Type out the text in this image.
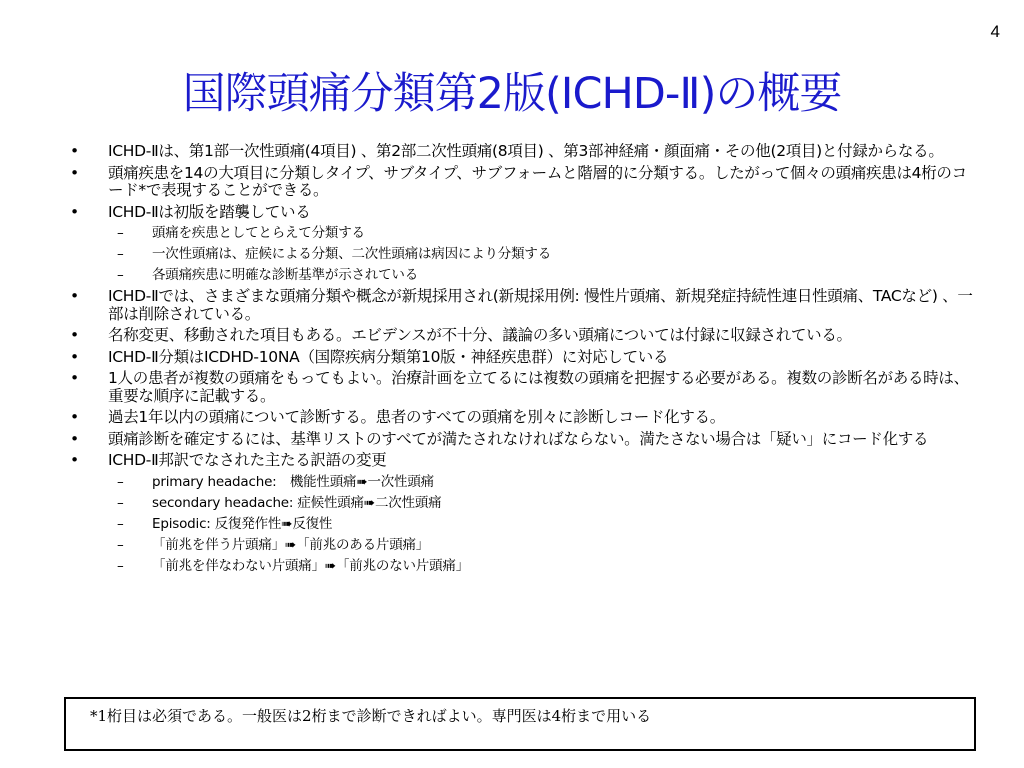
4
国際頭痛分類第2版(ICHD-Ⅱ)の概要
• ICHD-Ⅱは、第1部一次性頭痛(4項目) 、第2部二次性頭痛(8項目) 、第3部神経痛・顔面痛・その他(2項目)と付録からなる。
• 頭痛疾患を14の大項目に分類しタイプ、サブタイプ、サブフォームと階層的に分類する。したがって個々の頭痛疾患は4桁のコード*で表現することができる。
• ICHD-Ⅱは初版を踏襲している
– 頭痛を疾患としてとらえて分類する
– 一次性頭痛は、症候による分類、二次性頭痛は病因により分類する
– 各頭痛疾患に明確な診断基準が示されている
• ICHD-Ⅱでは、さまざまな頭痛分類や概念が新規採用され(新規採用例: 慢性片頭痛、新規発症持続性連日性頭痛、TACなど) 、一部は削除されている。
• 名称変更、移動された項目もある。エビデンスが不十分、議論の多い頭痛については付録に収録されている。
• ICHD-Ⅱ分類はICDHD-10NA（国際疾病分類第10版・神経疾患群）に対応している
• 1人の患者が複数の頭痛をもってもよい。治療計画を立てるには複数の頭痛を把握する必要がある。複数の診断名がある時は、重要な順序に記載する。
• 過去1年以内の頭痛について診断する。患者のすべての頭痛を別々に診断しコード化する。
• 頭痛診断を確定するには、基準リストのすべてが満たされなければならない。満たさない場合は「疑い」にコード化する
• ICHD-Ⅱ邦訳でなされた主たる訳語の変更
– primary headache:　機能性頭痛➠一次性頭痛
– secondary headache: 症候性頭痛➠二次性頭痛
– Episodic: 反復発作性➠反復性
– 「前兆を伴う片頭痛」➠「前兆のある片頭痛」
– 「前兆を伴なわない片頭痛」➠「前兆のない片頭痛」
*1桁目は必須である。一般医は2桁まで診断できればよい。専門医は4桁まで用いる
